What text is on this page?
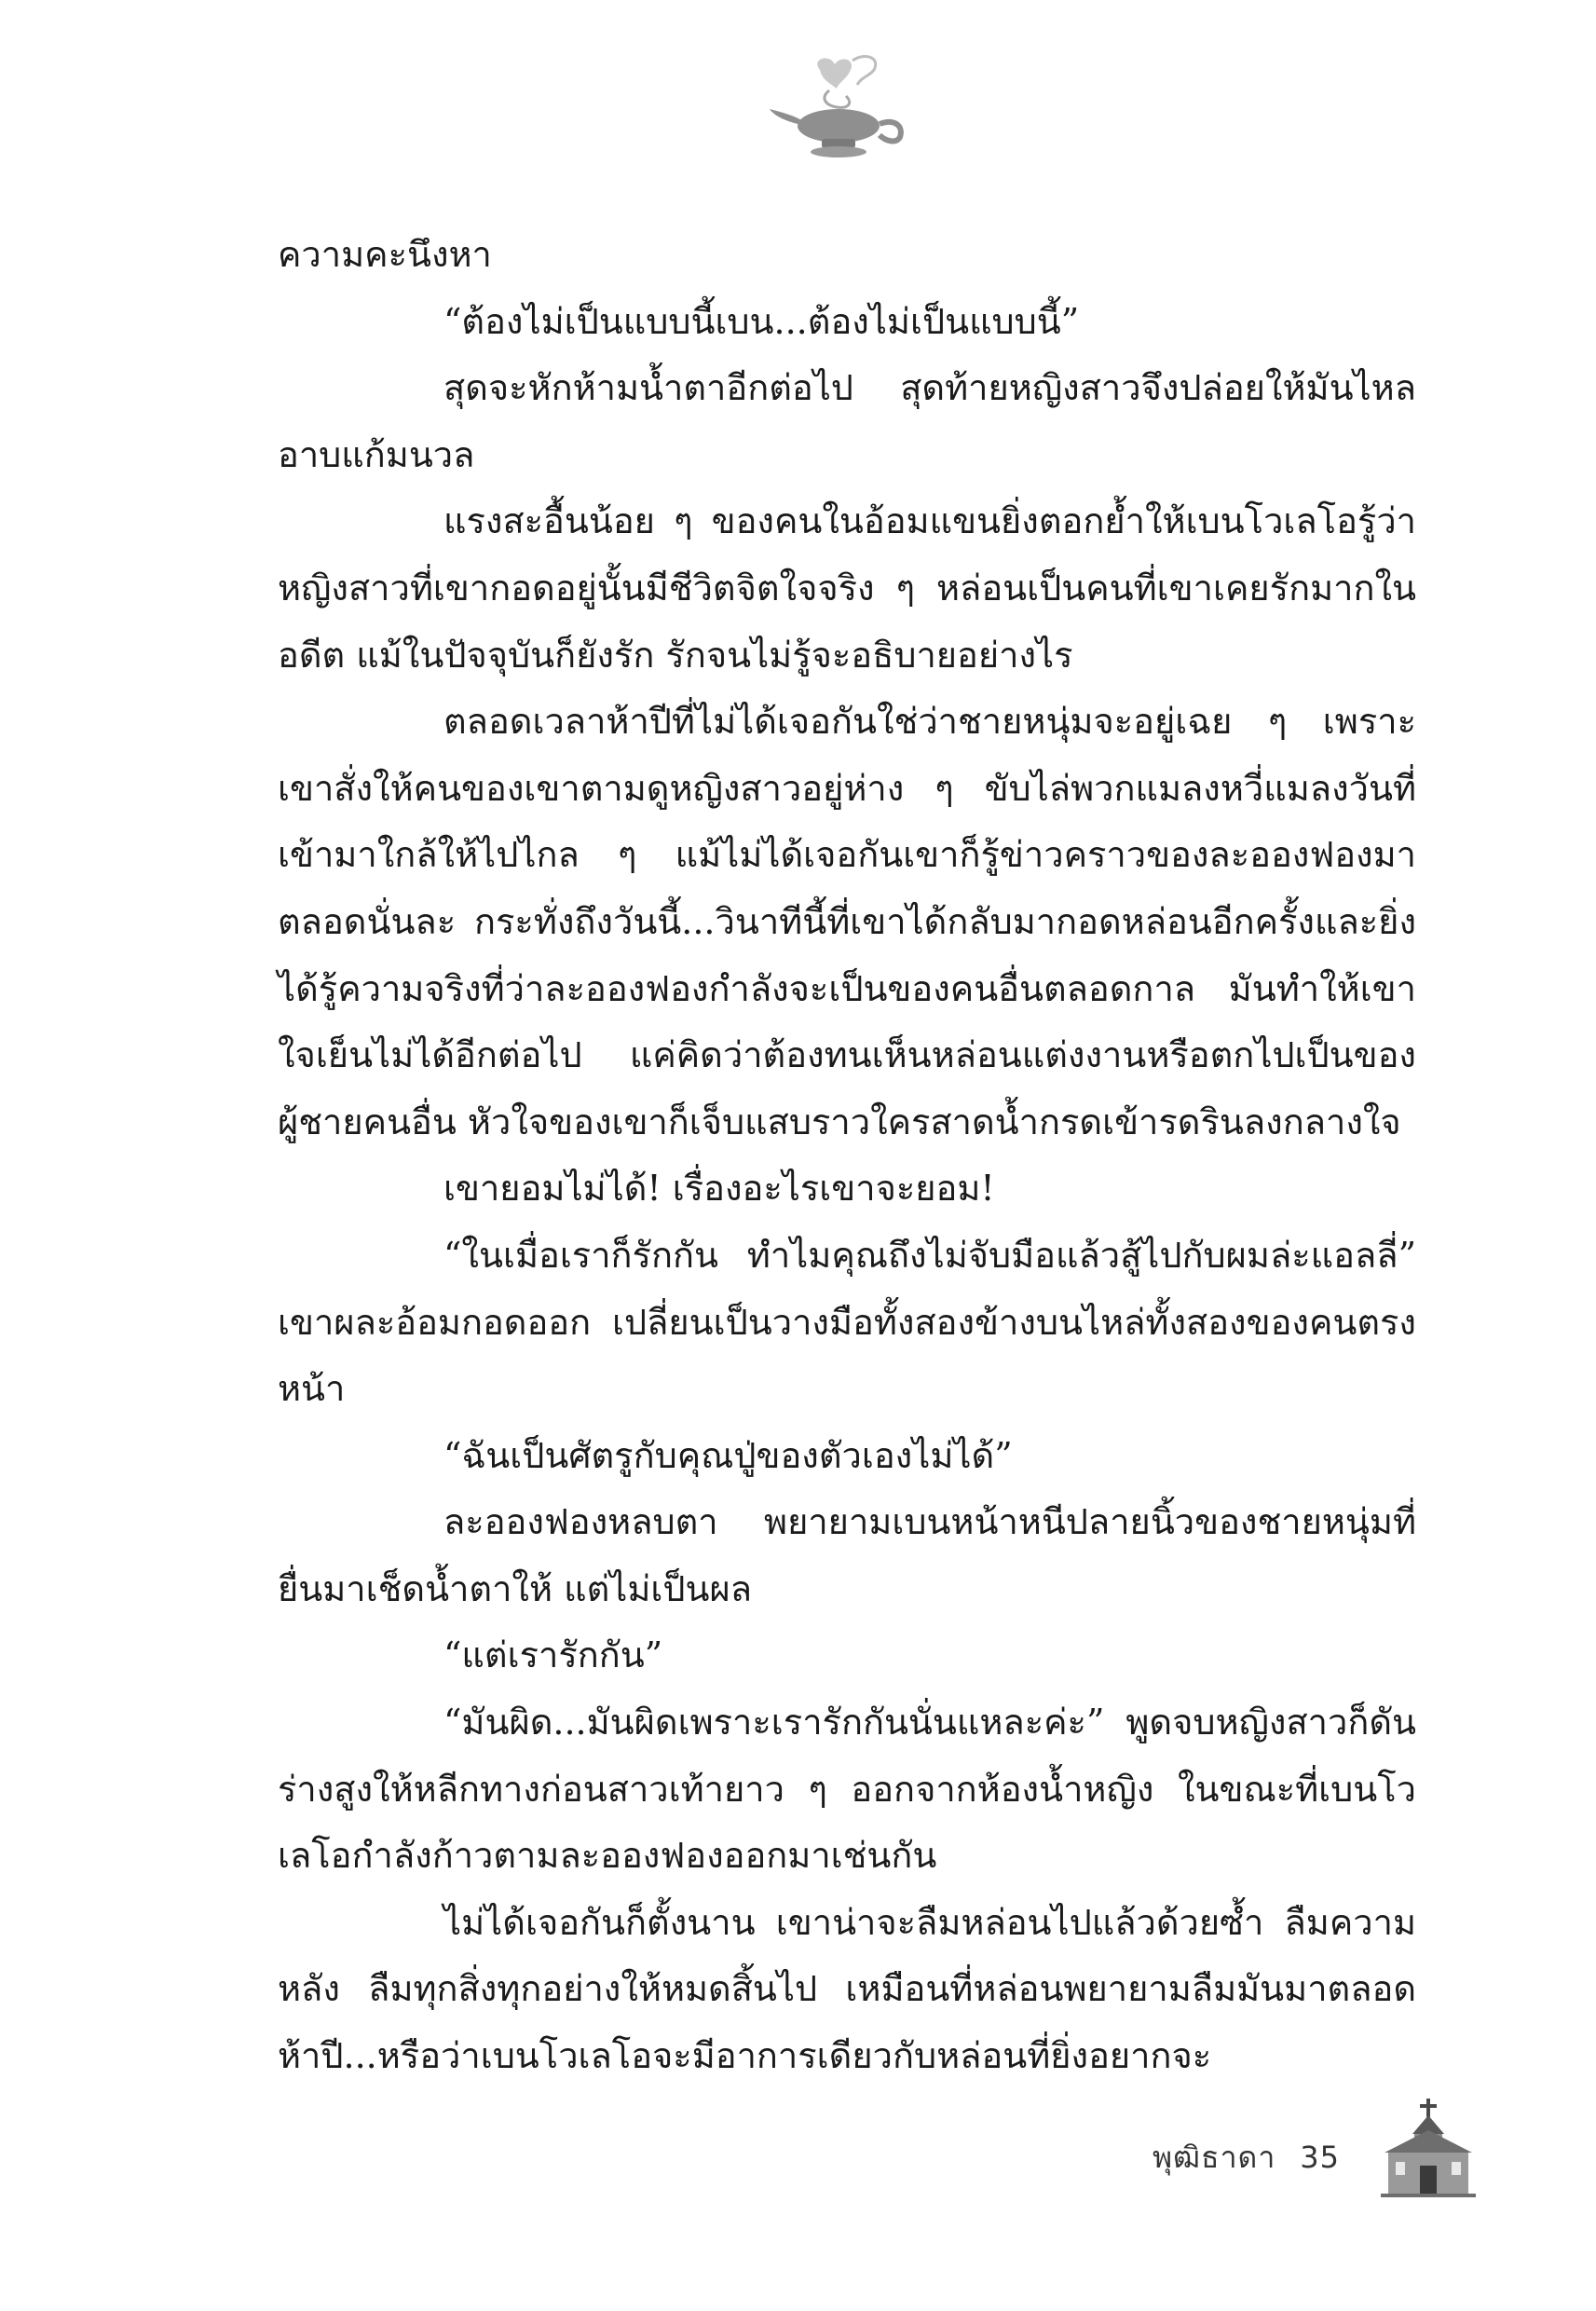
ความคะนึงหา

“ต้องไม่เป็นแบบนี้เบน...ต้องไม่เป็นแบบนี้”

สุดจะหักห้ามน้ำตาอีกต่อไป สุดท้ายหญิงสาวจึงปล่อยให้มันไหลอาบแก้มนวล

แรงสะอื้นน้อย ๆ ของคนในอ้อมแขนยิ่งตอกย้ำให้เบนโวเลโอรู้ว่าหญิงสาวที่เขากอดอยู่นั้นมีชีวิตจิตใจจริง ๆ หล่อนเป็นคนที่เขาเคยรักมากในอดีต แม้ในปัจจุบันก็ยังรัก รักจนไม่รู้จะอธิบายอย่างไร

ตลอดเวลาห้าปีที่ไม่ได้เจอกันใช่ว่าชายหนุ่มจะอยู่เฉย ๆ เพราะเขาสั่งให้คนของเขาตามดูหญิงสาวอยู่ห่าง ๆ ขับไล่พวกแมลงหวี่แมลงวันที่เข้ามาใกล้ให้ไปไกล ๆ แม้ไม่ได้เจอกันเขาก็รู้ข่าวคราวของละอองฟองมาตลอดนั่นละ กระทั่งถึงวันนี้...วินาทีนี้ที่เขาได้กลับมากอดหล่อนอีกครั้งและยิ่งได้รู้ความจริงที่ว่าละอองฟองกำลังจะเป็นของคนอื่นตลอดกาล มันทำให้เขาใจเย็นไม่ได้อีกต่อไป แค่คิดว่าต้องทนเห็นหล่อนแต่งงานหรือตกไปเป็นของผู้ชายคนอื่น หัวใจของเขาก็เจ็บแสบราวใครสาดน้ำกรดเข้ารดรินลงกลางใจ

เขายอมไม่ได้! เรื่องอะไรเขาจะยอม!

“ในเมื่อเราก็รักกัน ทำไมคุณถึงไม่จับมือแล้วสู้ไปกับผมล่ะแอลลี่” เขาผละอ้อมกอดออก เปลี่ยนเป็นวางมือทั้งสองข้างบนไหล่ทั้งสองของคนตรงหน้า

“ฉันเป็นศัตรูกับคุณปู่ของตัวเองไม่ได้”

ละอองฟองหลบตา พยายามเบนหน้าหนีปลายนิ้วของชายหนุ่มที่ยื่นมาเช็ดน้ำตาให้ แต่ไม่เป็นผล

“แต่เรารักกัน”

“มันผิด...มันผิดเพราะเรารักกันนั่นแหละค่ะ” พูดจบหญิงสาวก็ดันร่างสูงให้หลีกทางก่อนสาวเท้ายาว ๆ ออกจากห้องน้ำหญิง ในขณะที่เบนโวเลโอกำลังก้าวตามละอองฟองออกมาเช่นกัน

ไม่ได้เจอกันก็ตั้งนาน เขาน่าจะลืมหล่อนไปแล้วด้วยซ้ำ ลืมความหลัง ลืมทุกสิ่งทุกอย่างให้หมดสิ้นไป เหมือนที่หล่อนพยายามลืมมันมาตลอดห้าปี...หรือว่าเบนโวเลโอจะมีอาการเดียวกับหล่อนที่ยิ่งอยากจะ

พุฒิธาดา 35
